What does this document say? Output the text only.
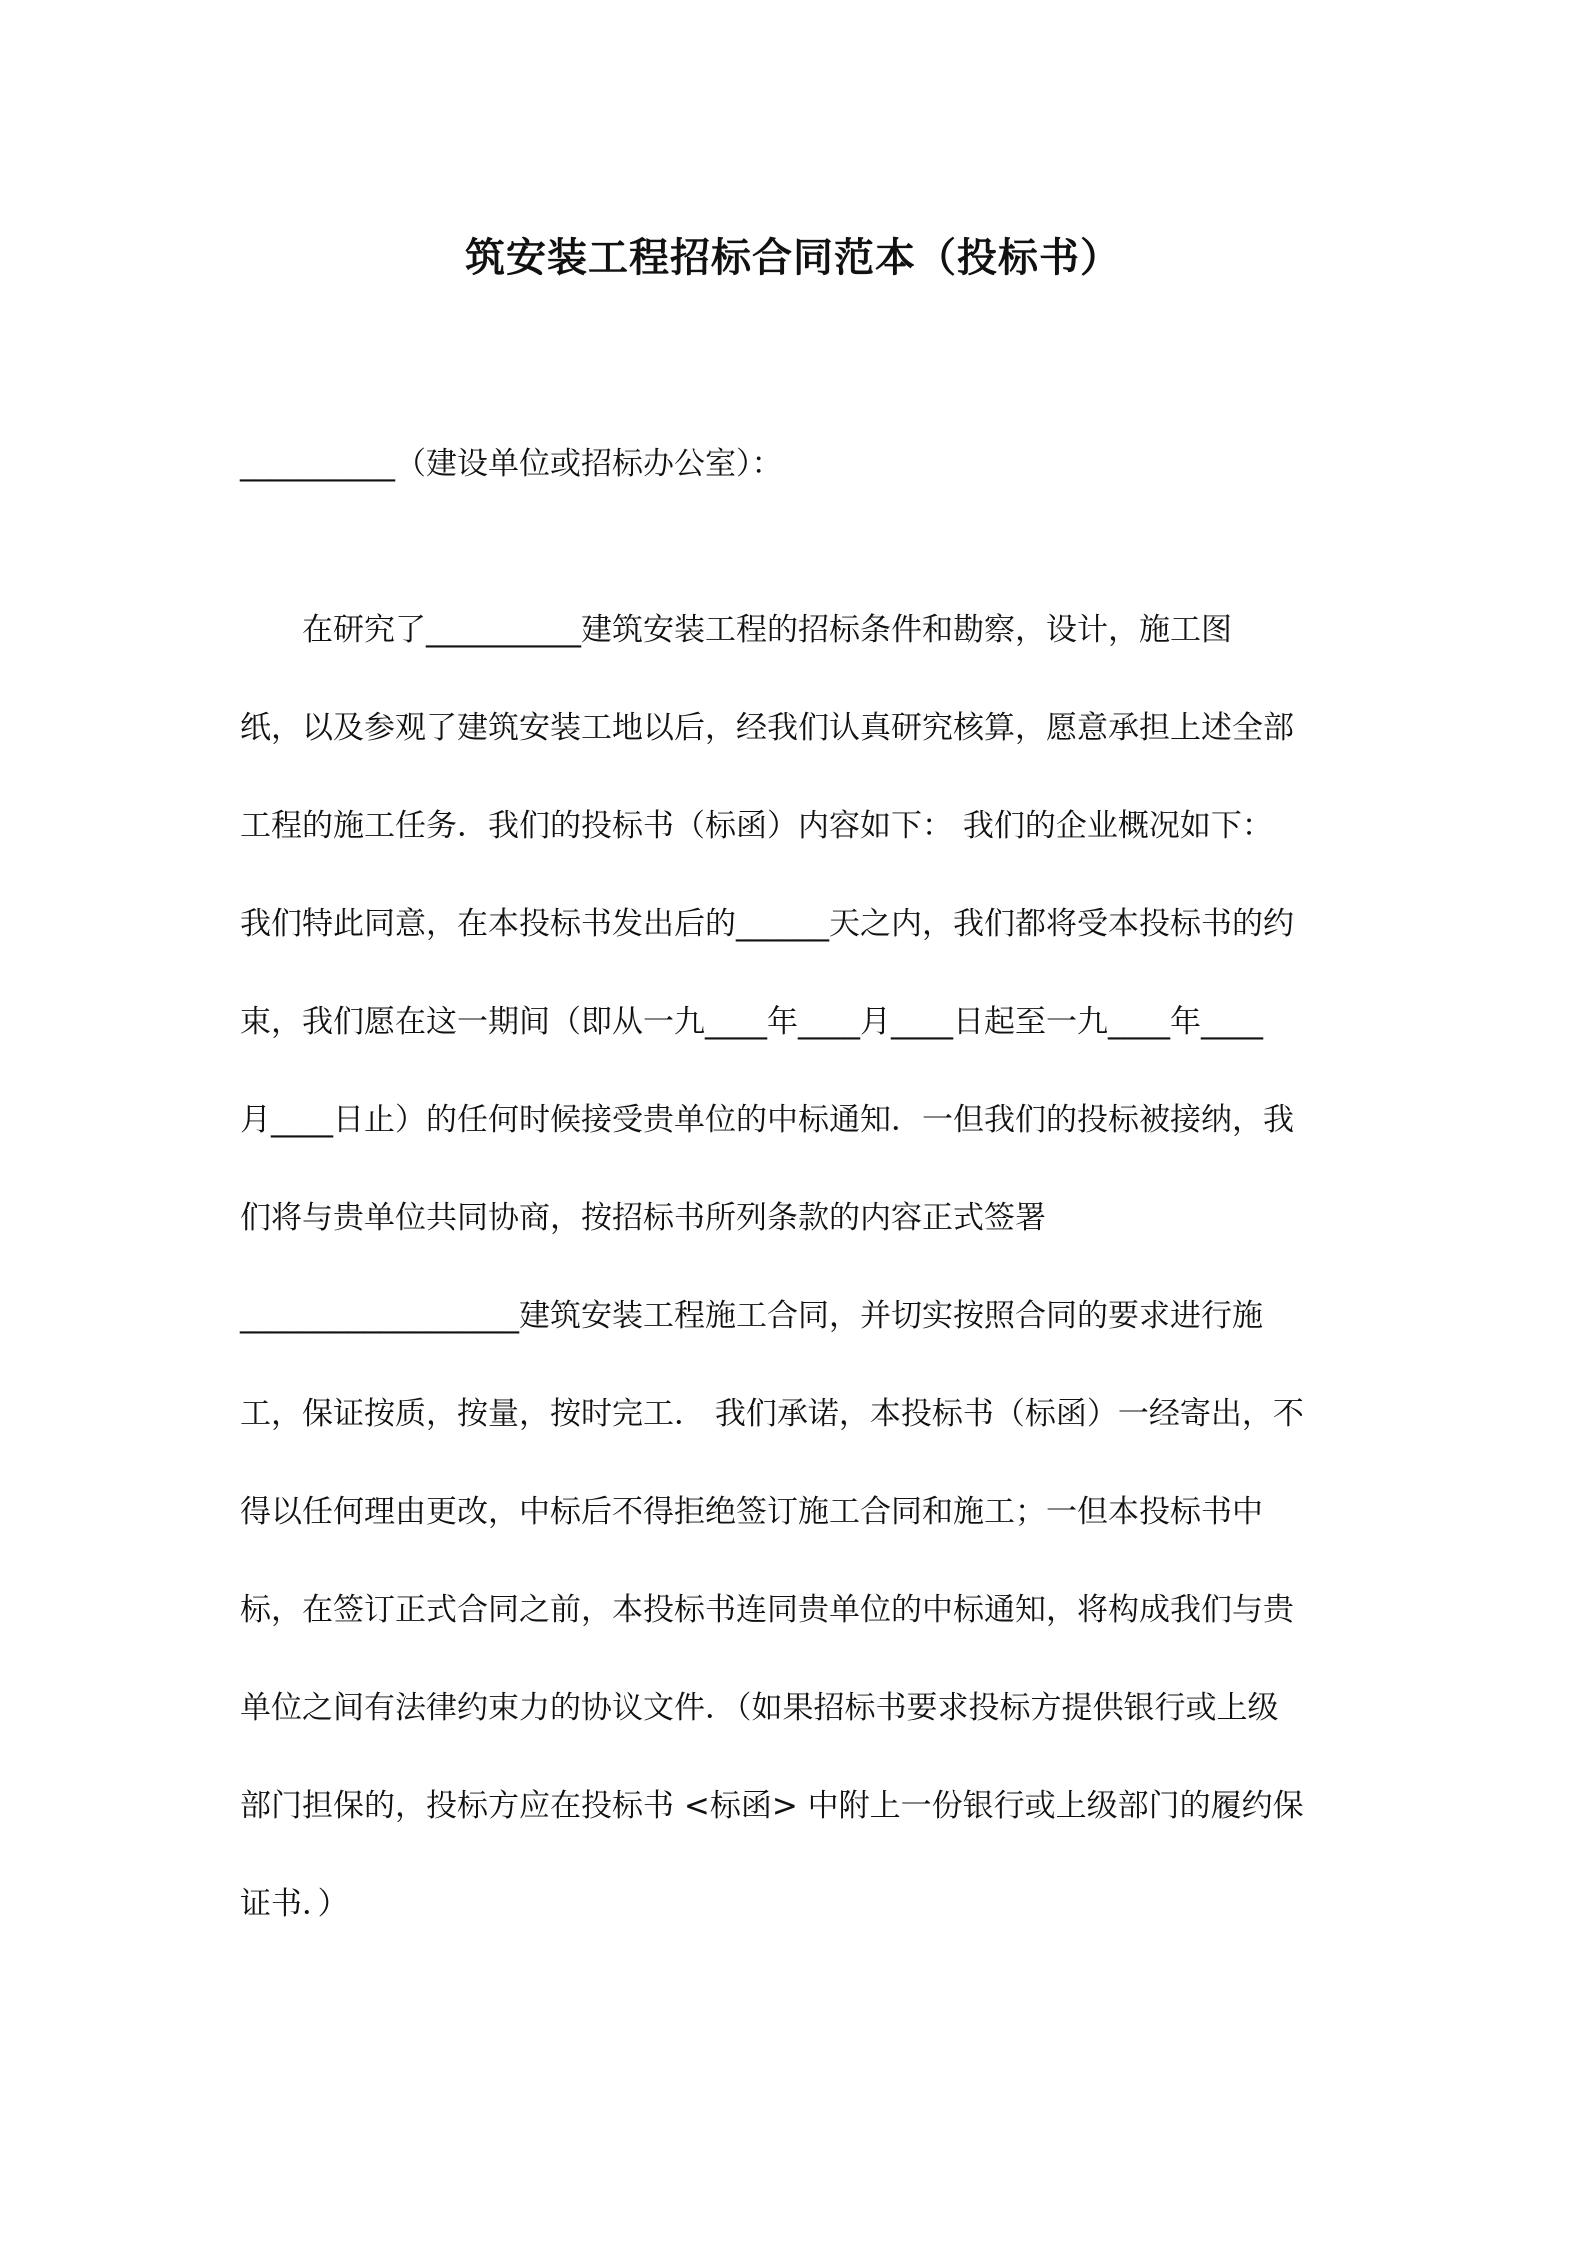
筑安装工程招标合同范本（投标书）
__________（建设单位或招标办公室）：
在研究了__________建筑安装工程的招标条件和勘察，设计，施工图
纸，以及参观了建筑安装工地以后，经我们认真研究核算，愿意承担上述全部
工程的施工任务．我们的投标书（标函）内容如下： 我们的企业概况如下：
我们特此同意，在本投标书发出后的______天之内，我们都将受本投标书的约
束，我们愿在这一期间（即从一九____年____月____日起至一九____年____
月____日止）的任何时候接受贵单位的中标通知．一但我们的投标被接纳，我
们将与贵单位共同协商，按招标书所列条款的内容正式签署
__________________建筑安装工程施工合同，并切实按照合同的要求进行施
工，保证按质，按量，按时完工． 我们承诺，本投标书（标函）一经寄出，不
得以任何理由更改，中标后不得拒绝签订施工合同和施工；一但本投标书中
标，在签订正式合同之前，本投标书连同贵单位的中标通知，将构成我们与贵
单位之间有法律约束力的协议文件．（如果招标书要求投标方提供银行或上级
部门担保的，投标方应在投标书 <标函> 中附上一份银行或上级部门的履约保
证书．）
